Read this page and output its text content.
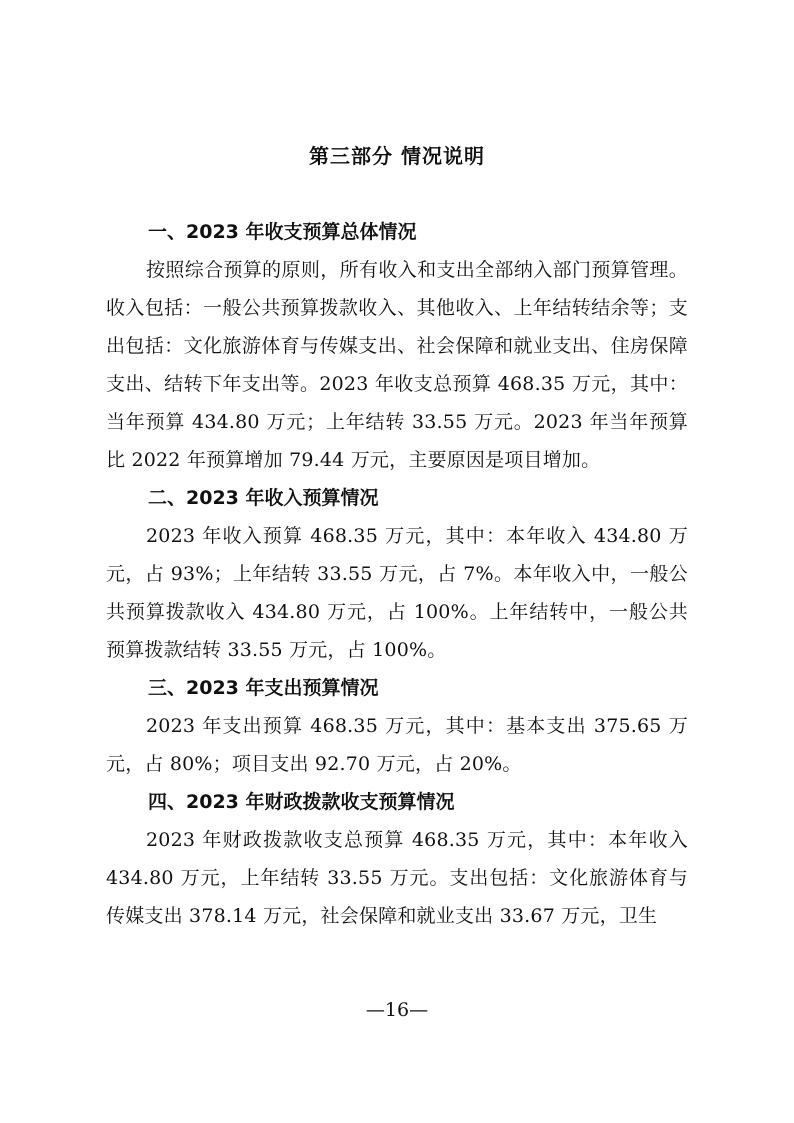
第三部分 情况说明
一、2023 年收支预算总体情况
按照综合预算的原则，所有收入和支出全部纳入部门预算管理。收入包括：一般公共预算拨款收入、其他收入、上年结转结余等；支出包括：文化旅游体育与传媒支出、社会保障和就业支出、住房保障支出、结转下年支出等。2023 年收支总预算 468.35 万元，其中：当年预算 434.80 万元；上年结转 33.55 万元。2023 年当年预算比 2022 年预算增加 79.44 万元，主要原因是项目增加。
二、2023 年收入预算情况
2023 年收入预算 468.35 万元，其中：本年收入 434.80 万元，占 93%；上年结转 33.55 万元，占 7%。本年收入中，一般公共预算拨款收入 434.80 万元，占 100%。上年结转中，一般公共预算拨款结转 33.55 万元，占 100%。
三、2023 年支出预算情况
2023 年支出预算 468.35 万元，其中：基本支出 375.65 万元，占 80%；项目支出 92.70 万元，占 20%。
四、2023 年财政拨款收支预算情况
2023 年财政拨款收支总预算 468.35 万元，其中：本年收入 434.80 万元，上年结转 33.55 万元。支出包括：文化旅游体育与传媒支出 378.14 万元，社会保障和就业支出 33.67 万元，卫生
—16—
